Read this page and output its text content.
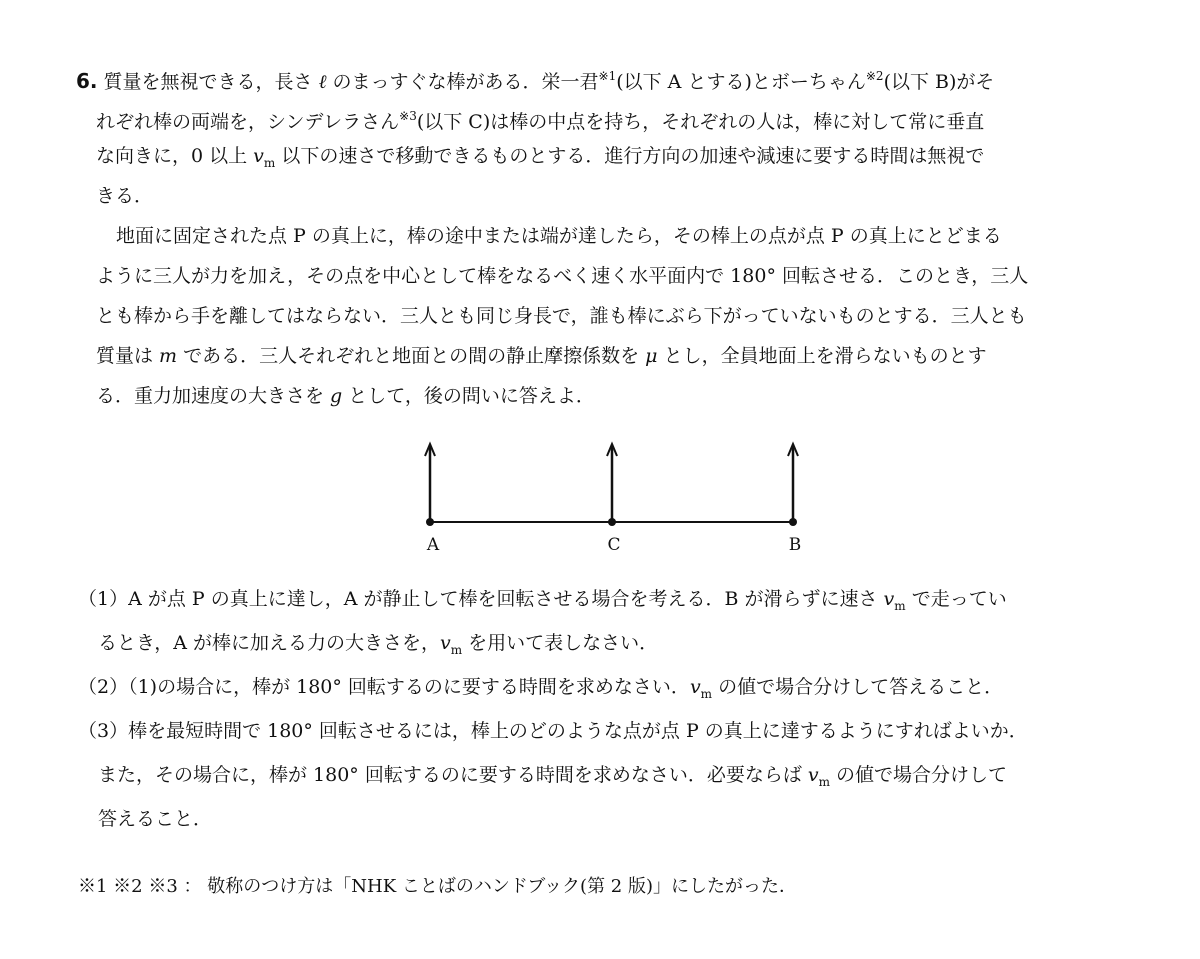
6. 質量を無視できる，長さ ℓ のまっすぐな棒がある．栄一君$^{※1}$(以下 A とする)とボーちゃん$^{※2}$(以下 B)がそ
れぞれ棒の両端を，シンデレラさん$^{※3}$(以下 C)は棒の中点を持ち，それぞれの人は，棒に対して常に垂直
な向きに，0 以上 $v_m$ 以下の速さで移動できるものとする．進行方向の加速や減速に要する時間は無視で
きる．
地面に固定された点 P の真上に，棒の途中または端が達したら，その棒上の点が点 P の真上にとどまる
ように三人が力を加え，その点を中心として棒をなるべく速く水平面内で 180° 回転させる．このとき，三人
とも棒から手を離してはならない．三人とも同じ身長で，誰も棒にぶら下がっていないものとする．三人とも
質量は m である．三人それぞれと地面との間の静止摩擦係数を μ とし，全員地面上を滑らないものとす
る．重力加速度の大きさを g として，後の問いに答えよ．
A	C	B
（1）A が点 P の真上に達し，A が静止して棒を回転させる場合を考える．B が滑らずに速さ $v_m$ で走ってい
るとき，A が棒に加える力の大きさを，$v_m$ を用いて表しなさい．
（2）（1)の場合に，棒が 180° 回転するのに要する時間を求めなさい．$v_m$ の値で場合分けして答えること．
（3）棒を最短時間で 180° 回転させるには，棒上のどのような点が点 P の真上に達するようにすればよいか．
また，その場合に，棒が 180° 回転するのに要する時間を求めなさい．必要ならば $v_m$ の値で場合分けして
答えること．
※1 ※2 ※3 ： 敬称のつけ方は「NHK ことばのハンドブック(第 2 版)」にしたがった．
